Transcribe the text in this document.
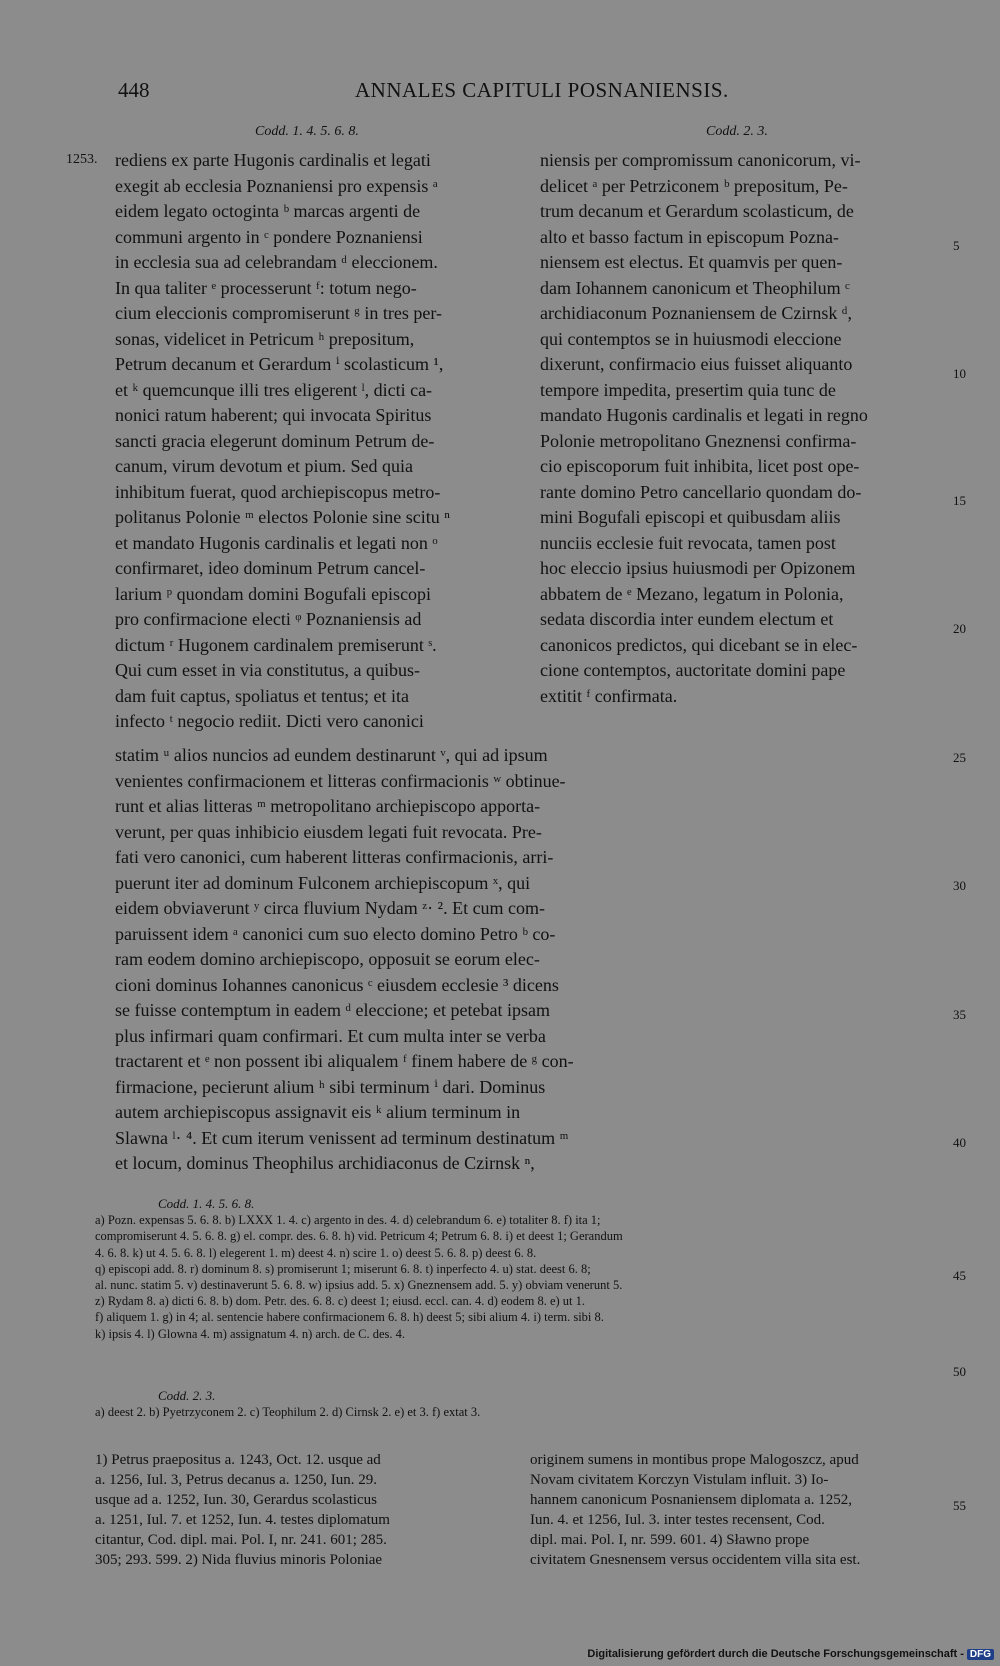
448	ANNALES CAPITULI POSNANIENSIS.
Codd. 1. 4. 5. 6. 8.	Codd. 2. 3.
1253. rediens ex parte Hugonis cardinalis et legati
exegit ab ecclesia Poznaniensi pro expensis ᵃ
eidem legato octoginta ᵇ marcas argenti de
communi argento in ᶜ pondere Poznaniensi
in ecclesia sua ad celebrandam ᵈ eleccionem.
In qua taliter ᵉ processerunt ᶠ: totum nego-
cium eleccionis compromiserunt ᵍ in tres per-
sonas, videlicet in Petricum ʰ prepositum,
Petrum decanum et Gerardum ⁱ scolasticum ¹,
et ᵏ quemcunque illi tres eligerent ˡ, dicti ca-
nonici ratum haberent; qui invocata Spiritus
sancti gracia elegerunt dominum Petrum de-
canum, virum devotum et pium. Sed quia
inhibitum fuerat, quod archiepiscopus metro-
politanus Polonie ᵐ electos Polonie sine scitu ⁿ
et mandato Hugonis cardinalis et legati non ᵒ
confirmaret, ideo dominum Petrum cancel-
larium ᵖ quondam domini Bogufali episcopi
pro confirmacione electi ᵠ Poznaniensis ad
dictum ʳ Hugonem cardinalem premiserunt ˢ.
Qui cum esset in via constitutus, a quibus-
dam fuit captus, spoliatus et tentus; et ita
infecto ᵗ negocio rediit. Dicti vero canonici
niensis per compromissum canonicorum, vi-
delicet ᵃ per Petrziconem ᵇ prepositum, Pe-
trum decanum et Gerardum scolasticum, de
alto et basso factum in episcopum Pozna-
niensem est electus. Et quamvis per quen-
dam Iohannem canonicum et Theophilum ᶜ
archidiaconum Poznaniensem de Czirnsk ᵈ,
qui contemptos se in huiusmodi eleccione
dixerunt, confirmacio eius fuisset aliquanto
tempore impedita, presertim quia tunc de
mandato Hugonis cardinalis et legati in regno
Polonie metropolitano Gneznensi confirma-
cio episcoporum fuit inhibita, licet post ope-
rante domino Petro cancellario quondam do-
mini Bogufali episcopi et quibusdam aliis
nunciis ecclesie fuit revocata, tamen post
hoc eleccio ipsius huiusmodi per Opizonem
abbatem de ᵉ Mezano, legatum in Polonia,
sedata discordia inter eundem electum et
canonicos predictos, qui dicebant se in elec-
cione contemptos, auctoritate domini pape
extitit ᶠ confirmata.
statim ᵘ alios nuncios ad eundem destinarunt ᵛ, qui ad ipsum
venientes confirmacionem et litteras confirmacionis ʷ obtinue-
runt et alias litteras ᵐ metropolitano archiepiscopo apporta-
verunt, per quas inhibicio eiusdem legati fuit revocata. Pre-
fati vero canonici, cum haberent litteras confirmacionis, arri-
puerunt iter ad dominum Fulconem archiepiscopum ˣ, qui
eidem obviaverunt ʸ circa fluvium Nydam ᶻ· ². Et cum com-
paruissent idem ᵃ canonici cum suo electo domino Petro ᵇ co-
ram eodem domino archiepiscopo, opposuit se eorum elec-
cioni dominus Iohannes canonicus ᶜ eiusdem ecclesie ³ dicens
se fuisse contemptum in eadem ᵈ eleccione; et petebat ipsam
plus infirmari quam confirmari. Et cum multa inter se verba
tractarent et ᵉ non possent ibi aliqualem ᶠ finem habere de ᵍ con-
firmacione, pecierunt alium ʰ sibi terminum ⁱ dari. Dominus
autem archiepiscopus assignavit eis ᵏ alium terminum in
Slawna ˡ· ⁴. Et cum iterum venissent ad terminum destinatum ᵐ
et locum, dominus Theophilus archidiaconus de Czirnsk ⁿ,
5
10
15
20
25
30
35
40
45
50
55
Codd. 1. 4. 5. 6. 8.
a) Pozn. expensas 5. 6. 8. b) LXXX 1. 4. c) argento in des. 4. d) celebrandum 6. e) totaliter 8. f) ita 1;
compromiserunt 4. 5. 6. 8. g) el. compr. des. 6. 8. h) vid. Petricum 4; Petrum 6. 8. i) et deest 1; Gerandum
4. 6. 8. k) ut 4. 5. 6. 8. l) elegerent 1. m) deest 4. n) scire 1. o) deest 5. 6. 8. p) deest 6. 8.
q) episcopi add. 8. r) dominum 8. s) promiserunt 1; miserunt 6. 8. t) inperfecto 4. u) stat. deest 6. 8;
al. nunc. statim 5. v) destinaverunt 5. 6. 8. w) ipsius add. 5. x) Gneznensem add. 5. y) obviam venerunt 5.
z) Rydam 8. a) dicti 6. 8. b) dom. Petr. des. 6. 8. c) deest 1; eiusd. eccl. can. 4. d) eodem 8. e) ut 1.
f) aliquem 1. g) in 4; al. sentencie habere confirmacionem 6. 8. h) deest 5; sibi alium 4. i) term. sibi 8.
k) ipsis 4. l) Glowna 4. m) assignatum 4. n) arch. de C. des. 4.
Codd. 2. 3.
a) deest 2. b) Pyetrzyconem 2. c) Teophilum 2. d) Cirnsk 2. e) et 3. f) extat 3.
1) Petrus praepositus a. 1243, Oct. 12. usque ad
a. 1256, Iul. 3, Petrus decanus a. 1250, Iun. 29.
usque ad a. 1252, Iun. 30, Gerardus scolasticus
a. 1251, Iul. 7. et 1252, Iun. 4. testes diplomatum
citantur, Cod. dipl. mai. Pol. I, nr. 241. 601; 285.
305; 293. 599. 2) Nida fluvius minoris Poloniae
originem sumens in montibus prope Malogoszcz, apud
Novam civitatem Korczyn Vistulam influit. 3) Io-
hannem canonicum Posnaniensem diplomata a. 1252,
Iun. 4. et 1256, Iul. 3. inter testes recensent, Cod.
dipl. mai. Pol. I, nr. 599. 601. 4) Sławno prope
civitatem Gnesnensem versus occidentem villa sita est.
Digitalisierung gefördert durch die Deutsche Forschungsgemeinschaft - DFG
